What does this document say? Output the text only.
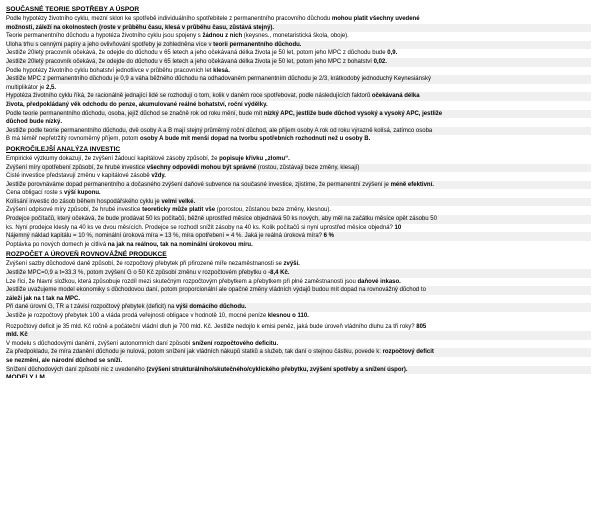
SOUČASNÉ TEORIE SPOTŘEBY A ÚSPOR
Podle hypotézy životního cyklu, mezní sklon ke spotřebě individuálního spotřebitele z permanentního pracovního důchodu mohou platit všechny uvedené
možnosti, záleží na okolnostech (roste v průběhu času, klesá v průběhu času, zůstává stejný).
Teorie permanentního důchodu a hypotéza životního cyklu jsou spojeny s žádnou z nich (keysnes., monetaristická škola, oboje).
Úloha trhu s cennými papíry a jeho ovlivňování spotřeby je zohledněna více v teorii permanentního důchodu.
Jestliže 20letý pracovník očekává, že odejde do důchodu v 65 letech a jeho očekávaná délka života je 50 let, potom jeho MPC z důchodu bude 0,9.
Jestliže 20letý pracovník očekává, že odejde do důchodu v 65 letech a jeho očekávaná délka života je 50 let, potom jeho MPC z bohatství 0,02.
Podle hypotézy životního cyklu bohatství jednotlivce v průběhu pracovních let klesá.
Jestliže MPC z permanentního důchodu je 0,9 a váha běžného důchodu na odhadovaném permanentním důchodu je 2/3, krátkodobý jednoduchý Keynesiánský
multiplikátor je 2,5.
Hypotéza životního cyklu říká, že racionálně jednající lidé se rozhodují o tom, kolik v daném roce spotřebovat, podle následujících faktorů očekávaná délka
života, předpokládaný věk odchodu do penze, akumulované reálné bohatství, roční výdělky.
Podle teorie permanentního důchodu, osoba, jejíž důchod se značně rok od roku mění, bude mít nízký APC, jestliže bude důchod vysoký a vysoký APC, jestliže
důchod bude nízký.
Jestliže podle teorie permanentního důchodu, dvě osoby A a B mají stejný průměrný roční důchod, ale příjem osoby A rok od roku výrazně kolísá, zatímco osoba
B má téměř nepřetržitý rovnoměrný příjem, potom osoby A bude mít menší dopad na tvorbu spotřebních rozhodnutí než u osoby B.
POKROČILEJŠÍ ANALÝZA INVESTIC
Empirické výzkumy dokazují, že zvýšení žádoucí kapitálové zásoby způsobí, že popisuje křivku „zlomu“.
Zvýšení míry opotřebení způsobí, že hrubé investice všechny odpovědi mohou být správné (rostou, zůstávají beze změny, klesají)
Čisté investice představují změnu v kapitálové zásobě vždy.
Jestliže porovnáváme dopad permanentního a dočasného zvýšení daňové subvence na současné investice, zjistíme, že permanentní zvýšení je méně efektivní.
Cena obligací roste s výší kuponu.
Kolísání investic do zásob během hospodářského cyklu je velmi velké.
Zvýšení odpisové míry způsobí, že hrubé investice teoreticky může platit vše (porostou, zůstanou beze změny, klesnou).
Prodejce počítačů, který očekává, že bude prodávat 50 ks počítačů, běžně uprostřed měsíce objednává 50 ks nových, aby měl na začátku měsíce opět zásobu 50
ks. Nyní prodejce klesly na 40 ks ve dvou měsících. Prodejce se rozhodl snížit zásoby na 40 ks. Kolik počítačů si nyní uprostřed měsíce objedná? 10
Nájemný náklad kapitálu = 10 %, nominální úroková míra = 13 %, míra opotřebení = 4 %. Jaká je reálná úroková míra? 6 %
Poptávka po nových domech je citlivá na jak na reálnou, tak na nominální úrokovou míru.
ROZPOČET A ÚROVEŇ ROVNOVÁŽNÉ PRODUKCE
Zvýšení sazby důchodové daně způsobí, že rozpočtový přebytek při přirozené míře nezaměstnanosti se zvýší.
Jestliže MPC=0,9 a t=33.3 %, potom zvýšení G o 50 Kč způsobí změnu v rozpočtovém přebytku o -8,4 Kč.
Lze říci, že hlavní složkou, která způsobuje rozdíl mezi skutečným rozpočtovým přebytkem a přebytkem při plné zaměstnanosti jsou daňové inkaso.
Jestliže uvažujeme model ekonomiky s důchodovou daní, potom proporcionální ale opačné změny vládních výdajů budou mít dopad na rovnovážný důchod to
záleží jak na t tak na MPC.
Při dané úrovni G, TR a t závisí rozpočtový přebytek (deficit) na výši domácího důchodu.
Jestliže je rozpočtový přebytek 100 a vláda prodá veřejnosti obligace v hodnotě 10, mocné peníze klesnou o 110.
Rozpočtový deficit je 35 mld. Kč ročně a počáteční vládní dluh je 700 mld. Kč. Jestliže nedojlo k emisi peněz, jaká bude úroveň vládního dluhu za tři roky? 805
mld. Kč
V modelu s důchodovými daněmi, zvýšení autonomních daní způsobí snížení rozpočtového deficitu.
Za předpokladu, že míra zdanění důchodu je nulová, potom snížení jak vládních nákupů statků a služeb, tak daní o stejnou částku, povede k: rozpočtový deficit
se nezmění, ale národní důchod se sníží.
Snížení důchodových daní způsobí nic z uvedeného (zvýšení strukturálního/skutečného/cyklického přebytku, zvýšení spotřeby a snížení úspor).
MODELY LM
